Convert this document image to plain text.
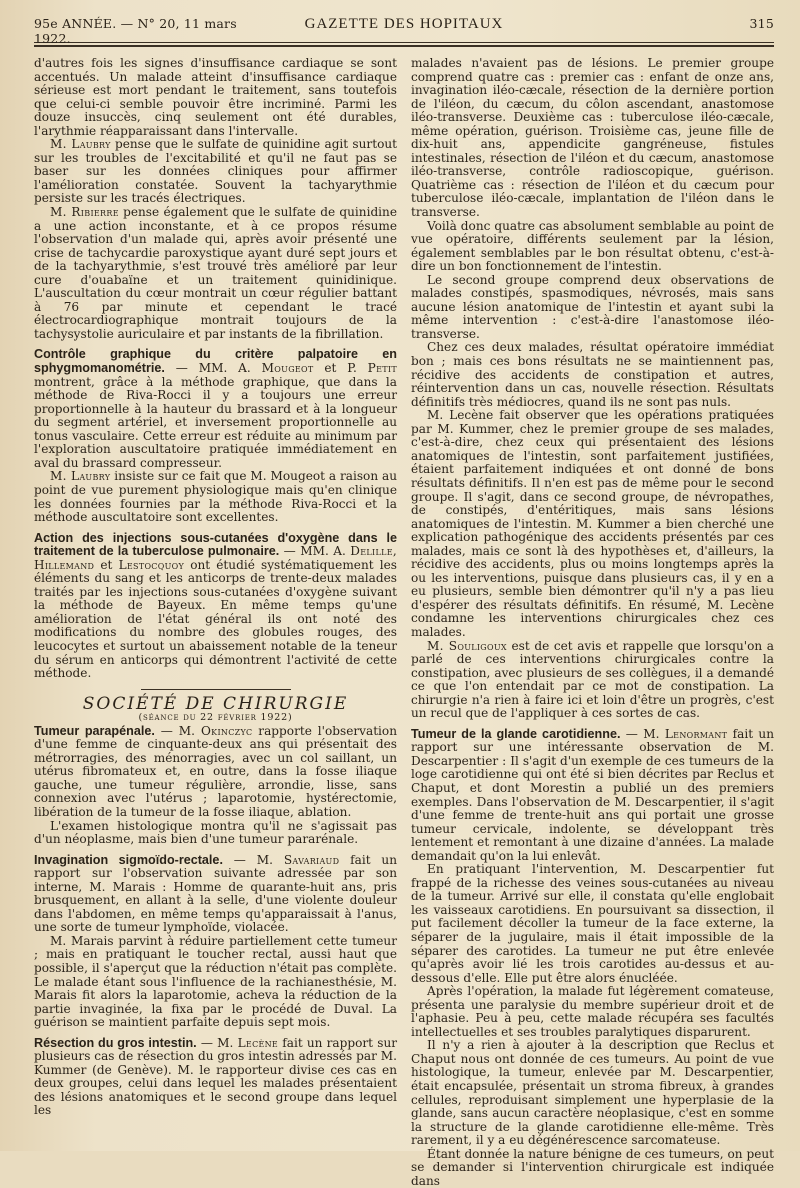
95e ANNÉE. — N° 20, 11 mars 1922.
GAZETTE DES HOPITAUX	315

d'autres fois les signes d'insuffisance cardiaque se sont accentués. Un malade atteint d'insuffisance cardiaque sérieuse est mort pendant le traitement, sans toutefois que celui-ci semble pouvoir être incriminé. Parmi les douze insuccès, cinq seulement ont été durables, l'arythmie réapparaissant dans l'intervalle.

M. Laubry pense que le sulfate de quinidine agit surtout sur les troubles de l'excitabilité et qu'il ne faut pas se baser sur les données cliniques pour affirmer l'amélioration constatée. Souvent la tachyarythmie persiste sur les tracés électriques.

M. Ribierre pense également que le sulfate de quinidine a une action inconstante, et à ce propos résume l'observation d'un malade qui, après avoir présenté une crise de tachycardie paroxystique ayant duré sept jours et de la tachyarythmie, s'est trouvé très amélioré par leur cure d'ouabaïne et un traitement quinidinique. L'auscultation du cœur montrait un cœur régulier battant à 76 par minute et cependant le tracé électrocardiographique montrait toujours de la tachysystolie auriculaire et par instants de la fibrillation.

Contrôle graphique du critère palpatoire en sphygmomanométrie. — MM. A. Mougeot et P. Petit montrent, grâce à la méthode graphique, que dans la méthode de Riva-Rocci il y a toujours une erreur proportionnelle à la hauteur du brassard et à la longueur du segment artériel, et inversement proportionnelle au tonus vasculaire. Cette erreur est réduite au minimum par l'exploration auscultatoire pratiquée immédiatement en aval du brassard compresseur.

M. Laubry insiste sur ce fait que M. Mougeot a raison au point de vue purement physiologique mais qu'en clinique les données fournies par la méthode Riva-Rocci et la méthode auscultatoire sont excellentes.

Action des injections sous-cutanées d'oxygène dans le traitement de la tuberculose pulmonaire. — MM. A. Delille, Hillemand et Lestocquoy ont étudié systématiquement les éléments du sang et les anticorps de trente-deux malades traités par les injections sous-cutanées d'oxygène suivant la méthode de Bayeux. En même temps qu'une amélioration de l'état général ils ont noté des modifications du nombre des globules rouges, des leucocytes et surtout un abaissement notable de la teneur du sérum en anticorps qui démontrent l'activité de cette méthode.

SOCIÉTÉ DE CHIRURGIE

(séance du 22 février 1922)

Tumeur parарénale. — M. Okinczyc rapporte l'observation d'une femme de cinquante-deux ans qui présentait des métrorragies, des ménorragies, avec un col saillant, un utérus fibromateux et, en outre, dans la fosse iliaque gauche, une tumeur régulière, arrondie, lisse, sans connexion avec l'utérus ; laparotomie, hystérectomie, libération de la tumeur de la fosse iliaque, ablation.

L'examen histologique montra qu'il ne s'agissait pas d'un néoplasme, mais bien d'une tumeur pararénale.

Invagination sigmoïdo-rectale. — M. Savariaud fait un rapport sur l'observation suivante adressée par son interne, M. Marais : Homme de quarante-huit ans, pris brusquement, en allant à la selle, d'une violente douleur dans l'abdomen, en même temps qu'apparaissait à l'anus, une sorte de tumeur lymphoïde, violacée.

M. Marais parvint à réduire partiellement cette tumeur ; mais en pratiquant le toucher rectal, aussi haut que possible, il s'aperçut que la réduction n'était pas complète. Le malade étant sous l'influence de la rachianesthésie, M. Marais fit alors la laparotomie, acheva la réduction de la partie invaginée, la fixa par le procédé de Duval. La guérison se maintient parfaite depuis sept mois.

Résection du gros intestin. — M. Lecène fait un rapport sur plusieurs cas de résection du gros intestin adressés par M. Kummer (de Genève). M. le rapporteur divise ces cas en deux groupes, celui dans lequel les malades présentaient des lésions anatomiques et le second groupe dans lequel les

malades n'avaient pas de lésions. Le premier groupe comprend quatre cas : premier cas : enfant de onze ans, invagination iléo-cæcale, résection de la dernière portion de l'iléon, du cæcum, du côlon ascendant, anastomose iléo-transverse. Deuxième cas : tuberculose iléo-cæcale, même opération, guérison. Troisième cas, jeune fille de dix-huit ans, appendicite gangréneuse, fistules intestinales, résection de l'iléon et du cæcum, anastomose iléo-transverse, contrôle radioscopique, guérison. Quatrième cas : résection de l'iléon et du cæcum pour tuberculose iléo-cæcale, implantation de l'iléon dans le transverse.

Voilà donc quatre cas absolument semblable au point de vue opératoire, différents seulement par la lésion, également semblables par le bon résultat obtenu, c'est-à-dire un bon fonctionnement de l'intestin.

Le second groupe comprend deux observations de malades constipés, spasmodiques, névrosés, mais sans aucune lésion anatomique de l'intestin et ayant subi la même intervention : c'est-à-dire l'anastomose iléo-transverse.

Chez ces deux malades, résultat opératoire immédiat bon ; mais ces bons résultats ne se maintiennent pas, récidive des accidents de constipation et autres, réintervention dans un cas, nouvelle résection. Résultats définitifs très médiocres, quand ils ne sont pas nuls.

M. Lecène fait observer que les opérations pratiquées par M. Kummer, chez le premier groupe de ses malades, c'est-à-dire, chez ceux qui présentaient des lésions anatomiques de l'intestin, sont parfaitement justifiées, étaient parfaitement indiquées et ont donné de bons résultats définitifs. Il n'en est pas de même pour le second groupe. Il s'agit, dans ce second groupe, de névropathes, de constipés, d'entéritiques, mais sans lésions anatomiques de l'intestin. M. Kummer a bien cherché une explication pathogénique des accidents présentés par ces malades, mais ce sont là des hypothèses et, d'ailleurs, la récidive des accidents, plus ou moins longtemps après la ou les interventions, puisque dans plusieurs cas, il y en a eu plusieurs, semble bien démontrer qu'il n'y a pas lieu d'espérer des résultats définitifs. En résumé, M. Lecène condamne les interventions chirurgicales chez ces malades.

M. Souligoux est de cet avis et rappelle que lorsqu'on a parlé de ces interventions chirurgicales contre la constipation, avec plusieurs de ses collègues, il a demandé ce que l'on entendait par ce mot de constipation. La chirurgie n'a rien à faire ici et loin d'être un progrès, c'est un recul que de l'appliquer à ces sortes de cas.

Tumeur de la glande carotidienne. — M. Lenormant fait un rapport sur une intéressante observation de M. Descarpentier : Il s'agit d'un exemple de ces tumeurs de la loge carotidienne qui ont été si bien décrites par Reclus et Chaput, et dont Morestin a publié un des premiers exemples. Dans l'observation de M. Descarpentier, il s'agit d'une femme de trente-huit ans qui portait une grosse tumeur cervicale, indolente, se développant très lentement et remontant à une dizaine d'années. La malade demandait qu'on la lui enlevât.

En pratiquant l'intervention, M. Descarpentier fut frappé de la richesse des veines sous-cutanées au niveau de la tumeur. Arrivé sur elle, il constata qu'elle englobait les vaisseaux carotidiens. En poursuivant sa dissection, il put facilement décoller la tumeur de la face externe, la séparer de la jugulaire, mais il était impossible de la séparer des carotides. La tumeur ne put être enlevée qu'après avoir lié les trois carotides au-dessus et au-dessous d'elle. Elle put être alors énucléée.

Après l'opération, la malade fut légèrement comateuse, présenta une paralysie du membre supérieur droit et de l'aphasie. Peu à peu, cette malade récupéra ses facultés intellectuelles et ses troubles paralytiques disparurent.

Il n'y a rien à ajouter à la description que Reclus et Chaput nous ont donnée de ces tumeurs. Au point de vue histologique, la tumeur, enlevée par M. Descarpentier, était encapsulée, présentait un stroma fibreux, à grandes cellules, reproduisant simplement une hyperplasie de la glande, sans aucun caractère néoplasique, c'est en somme la structure de la glande carotidienne elle-même. Très rarement, il y a eu dégénérescence sarcomateuse.

Étant donnée la nature bénigne de ces tumeurs, on peut se demander si l'intervention chirurgicale est indiquée dans
